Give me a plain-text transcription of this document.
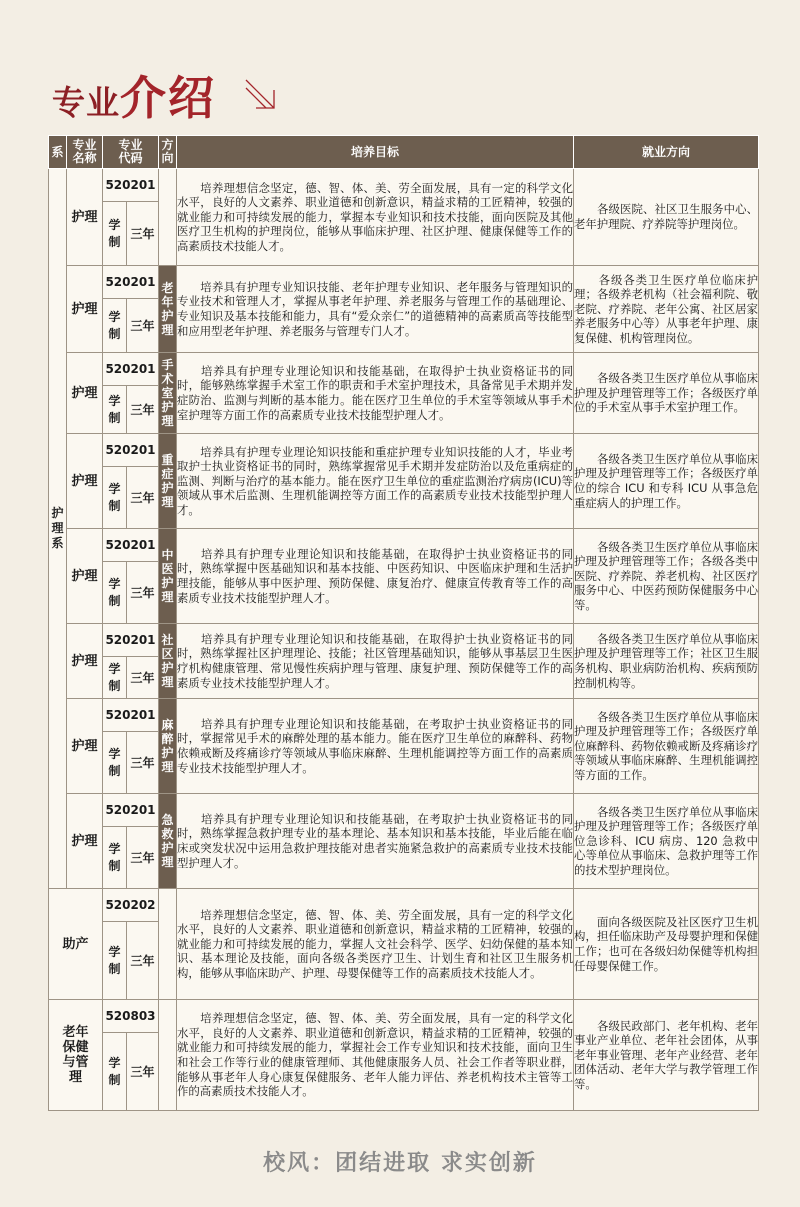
专业介绍
系	专业名称	专业代码		方向	培养目标	就业方向

护理系	护理	520201			　　培养理想信念坚定，德、智、体、美、劳全面发展，具有一定的科学文化水平，良好的人文素养、职业道德和创新意识，精益求精的工匠精神，较强的就业能力和可持续发展的能力，掌握本专业知识和技术技能，面向医院及其他医疗卫生机构的护理岗位，能够从事临床护理、社区护理、健康保健等工作的高素质技术技能人才。	　　各级医院、社区卫生服务中心、老年护理院、疗养院等护理岗位。

		学制	三年			
	护理	520201		老年护理	　　培养具有护理专业知识技能、老年护理专业知识、老年服务与管理知识的专业技术和管理人才，掌握从事老年护理、养老服务与管理工作的基础理论、专业知识及基本技能和能力，具有“爱众亲仁”的道德精神的高素质高等技能型和应用型老年护理、养老服务与管理专门人才。	　　各级各类卫生医疗单位临床护理；各级养老机构（社会福利院、敬老院、疗养院、老年公寓、社区居家养老服务中心等）从事老年护理、康复保健、机构管理岗位。

		学制	三年			
	护理	520201		手术室护理	　　培养具有护理专业理论知识和技能基础，在取得护士执业资格证书的同时，能够熟练掌握手术室工作的职责和手术室护理技术，具备常见手术期并发症防治、监测与判断的基本能力。能在医疗卫生单位的手术室等领域从事手术室护理等方面工作的高素质专业技术技能型护理人才。	　　各级各类卫生医疗单位从事临床护理及护理管理等工作；各级医疗单位的手术室从事手术室护理工作。

		学制	三年			
	护理	520201		重症护理	　　培养具有护理专业理论知识技能和重症护理专业知识技能的人才，毕业考取护士执业资格证书的同时，熟练掌握常见手术期并发症防治以及危重病症的监测、判断与治疗的基本能力。能在医疗卫生单位的重症监测治疗病房(ICU)等领域从事术后监测、生理机能调控等方面工作的高素质专业技术技能型护理人才。	　　各级各类卫生医疗单位从事临床护理及护理管理等工作；各级医疗单位的综合 ICU 和专科 ICU 从事急危重症病人的护理工作。

		学制	三年			
	护理	520201		中医护理	　　培养具有护理专业理论知识和技能基础，在取得护士执业资格证书的同时，熟练掌握中医基础知识和基本技能、中医药知识、中医临床护理和生活护理技能，能够从事中医护理、预防保健、康复治疗、健康宣传教育等工作的高素质专业技术技能型护理人才。	　　各级各类卫生医疗单位从事临床护理及护理管理等工作；各级各类中医院、疗养院、养老机构、社区医疗服务中心、中医药预防保健服务中心等。

		学制	三年			
	护理	520201		社区护理	　　培养具有护理专业理论知识和技能基础，在取得护士执业资格证书的同时，熟练掌握社区护理理论、技能；社区管理基础知识，能够从事基层卫生医疗机构健康管理、常见慢性疾病护理与管理、康复护理、预防保健等工作的高素质专业技术技能型护理人才。	　　各级各类卫生医疗单位从事临床护理及护理管理等工作；社区卫生服务机构、职业病防治机构、疾病预防控制机构等。

		学制	三年			
	护理	520201		麻醉护理	　　培养具有护理专业理论知识和技能基础，在考取护士执业资格证书的同时，掌握常见手术的麻醉处理的基本能力。能在医疗卫生单位的麻醉科、药物依赖戒断及疼痛诊疗等领域从事临床麻醉、生理机能调控等方面工作的高素质专业技术技能型护理人才。	　　各级各类卫生医疗单位从事临床护理及护理管理等工作；各级医疗单位麻醉科、药物依赖戒断及疼痛诊疗等领域从事临床麻醉、生理机能调控等方面的工作。

		学制	三年			
	护理	520201		急救护理	　　培养具有护理专业理论知识和技能基础，在考取护士执业资格证书的同时，熟练掌握急救护理专业的基本理论、基本知识和基本技能，毕业后能在临床或突发状况中运用急救护理技能对患者实施紧急救护的高素质专业技术技能型护理人才。	　　各级各类卫生医疗单位从事临床护理及护理管理等工作；各级医疗单位急诊科、ICU 病房、120 急救中心等单位从事临床、急救护理等工作的技术型护理岗位。

		学制	三年			
助产		520202			　　培养理想信念坚定，德、智、体、美、劳全面发展，具有一定的科学文化水平，良好的人文素养、职业道德和创新意识，精益求精的工匠精神，较强的就业能力和可持续发展的能力，掌握人文社会科学、医学、妇幼保健的基本知识、基本理论及技能，面向各级各类医疗卫生、计划生育和社区卫生服务机构，能够从事临床助产、护理、母婴保健等工作的高素质技术技能人才。	　　面向各级医院及社区医疗卫生机构，担任临床助产及母婴护理和保健工作；也可在各级妇幼保健等机构担任母婴保健工作。

		学制	三年			

老年保健与管理		520803			　　培养理想信念坚定，德、智、体、美、劳全面发展，具有一定的科学文化水平，良好的人文素养、职业道德和创新意识，精益求精的工匠精神，较强的就业能力和可持续发展的能力，掌握社会工作专业知识和技术技能，面向卫生和社会工作等行业的健康管理师、其他健康服务人员、社会工作者等职业群，能够从事老年人身心康复保健服务、老年人能力评估、养老机构技术主管等工作的高素质技术技能人才。	　　各级民政部门、老年机构、老年事业产业单位、老年社会团体，从事老年事业管理、老年产业经营、老年团体活动、老年大学与教学管理工作等。

		学制	三年			
校风：团结进取 求实创新
